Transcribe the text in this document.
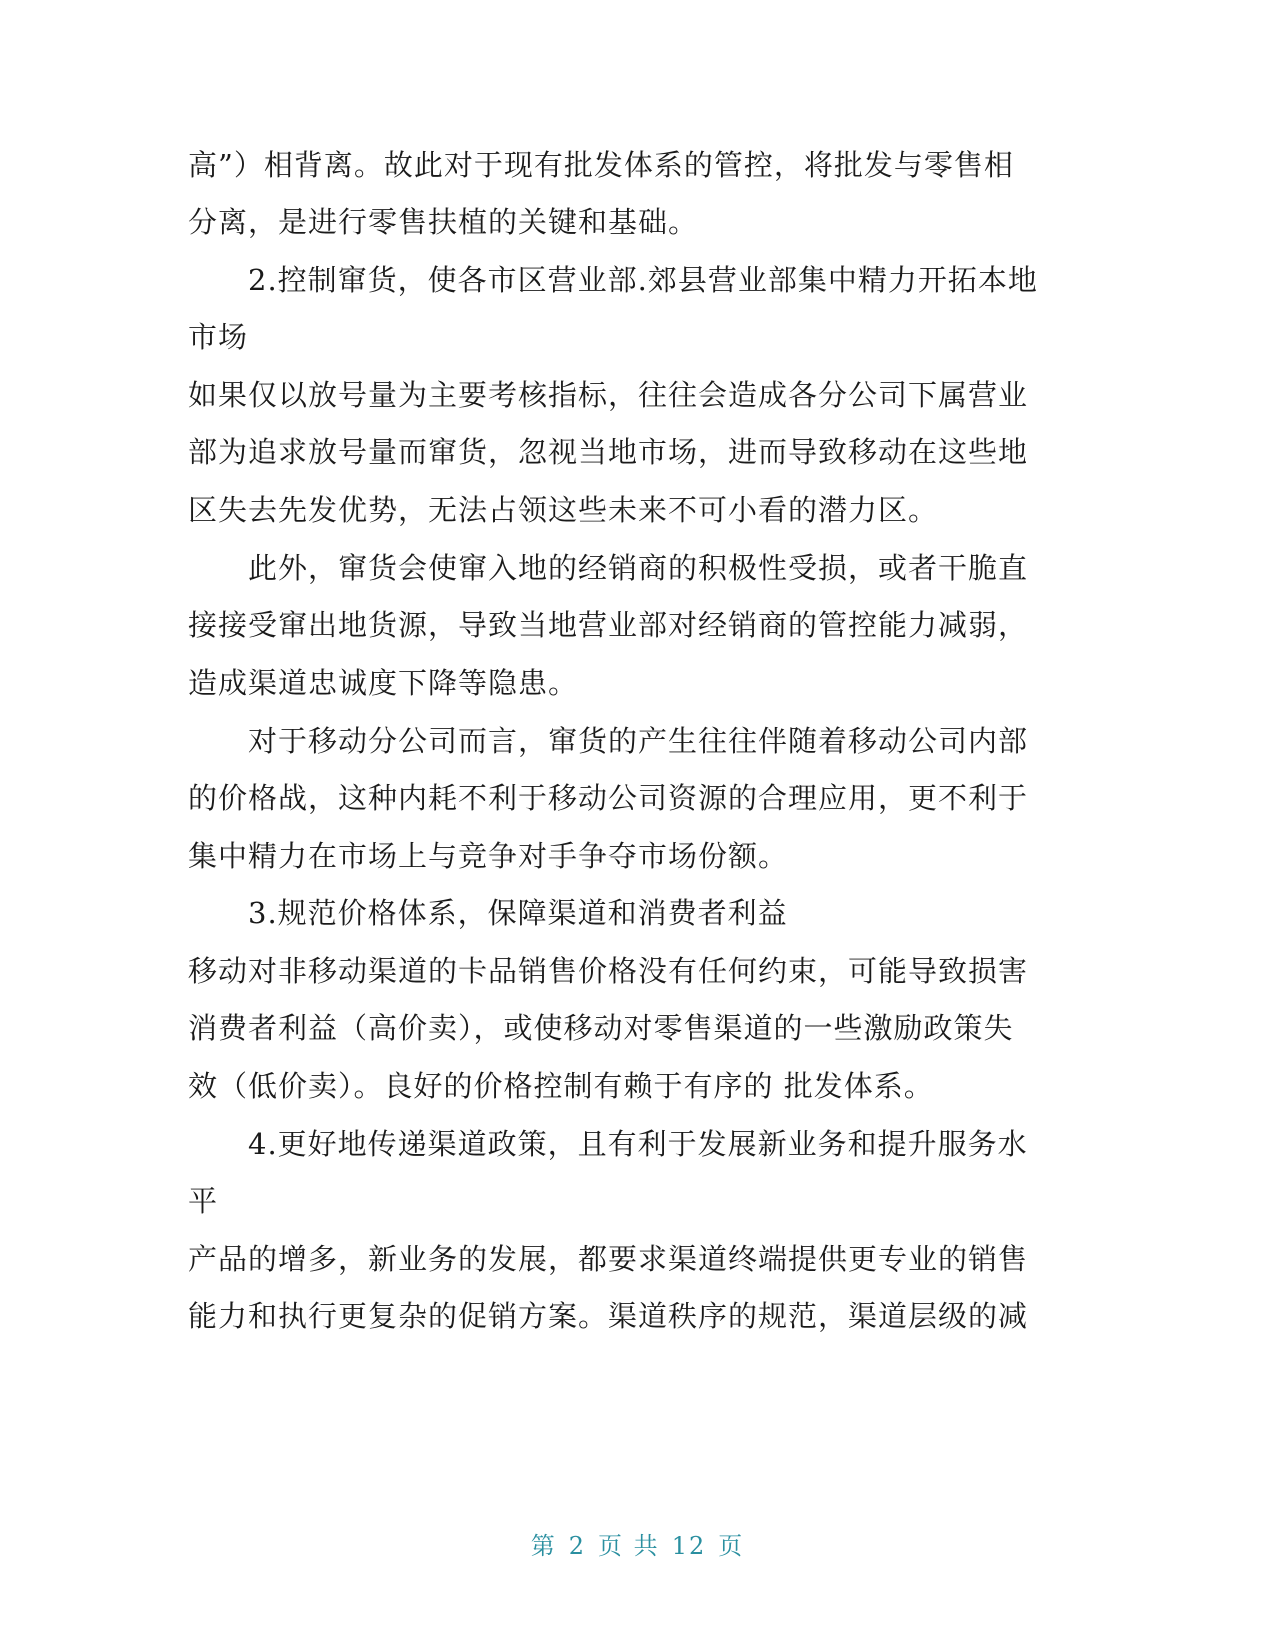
高”）相背离。故此对于现有批发体系的管控，将批发与零售相
分离，是进行零售扶植的关键和基础。
2.控制窜货，使各市区营业部.郊县营业部集中精力开拓本地
市场
如果仅以放号量为主要考核指标，往往会造成各分公司下属营业
部为追求放号量而窜货，忽视当地市场，进而导致移动在这些地
区失去先发优势，无法占领这些未来不可小看的潜力区。
此外，窜货会使窜入地的经销商的积极性受损，或者干脆直
接接受窜出地货源，导致当地营业部对经销商的管控能力减弱，
造成渠道忠诚度下降等隐患。
对于移动分公司而言，窜货的产生往往伴随着移动公司内部
的价格战，这种内耗不利于移动公司资源的合理应用，更不利于
集中精力在市场上与竞争对手争夺市场份额。
3.规范价格体系，保障渠道和消费者利益
移动对非移动渠道的卡品销售价格没有任何约束，可能导致损害
消费者利益（高价卖），或使移动对零售渠道的一些激励政策失
效（低价卖）。良好的价格控制有赖于有序的 批发体系。
4.更好地传递渠道政策，且有利于发展新业务和提升服务水
平
产品的增多，新业务的发展，都要求渠道终端提供更专业的销售
能力和执行更复杂的促销方案。渠道秩序的规范，渠道层级的减
第 2 页 共 12 页
